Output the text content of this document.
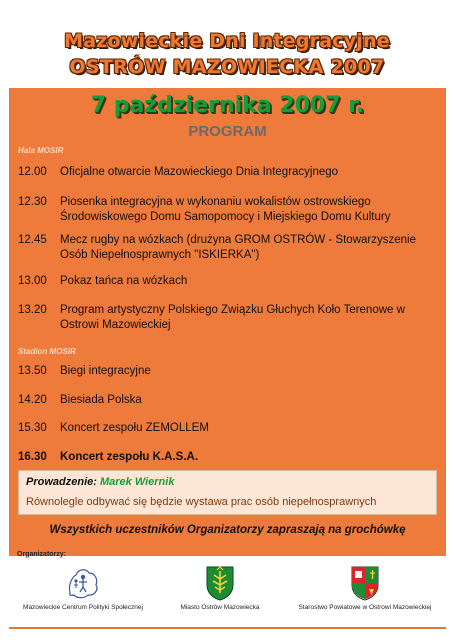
Mazowieckie Dni Integracyjne
OSTRÓW MAZOWIECKA 2007
7 października 2007 r.
PROGRAM
Hala MOSIR
12.00	Oficjalne otwarcie Mazowieckiego Dnia Integracyjnego
12.30	Piosenka integracyjna w wykonaniu wokalistów ostrowskiego Środowiskowego Domu Samopomocy i Miejskiego Domu Kultury
12.45	Mecz rugby na wózkach (drużyna GROM OSTRÓW - Stowarzyszenie Osób Niepełnosprawnych "ISKIERKA")
13.00	Pokaz tańca na wózkach
13.20	Program artystyczny Polskiego Związku Głuchych Koło Terenowe w Ostrowi Mazowieckiej
Stadion MOSIR
13.50	Biegi integracyjne
14.20	Biesiada Polska
15.30	Koncert zespołu ZEMOLLEM
16.30	Koncert zespołu K.A.S.A.
Prowadzenie: Marek Wiernik
Równolegle odbywać się będzie wystawa prac osób niepełnosprawnych
Wszystkich uczestników Organizatorzy zapraszają na grochówkę
Organizatorzy:
Mazowieckie Centrum Polityki Społecznej	Miasto Ostrów Mazowiecka	Starostwo Powiatowe w Ostrowi Mazowieckiej
